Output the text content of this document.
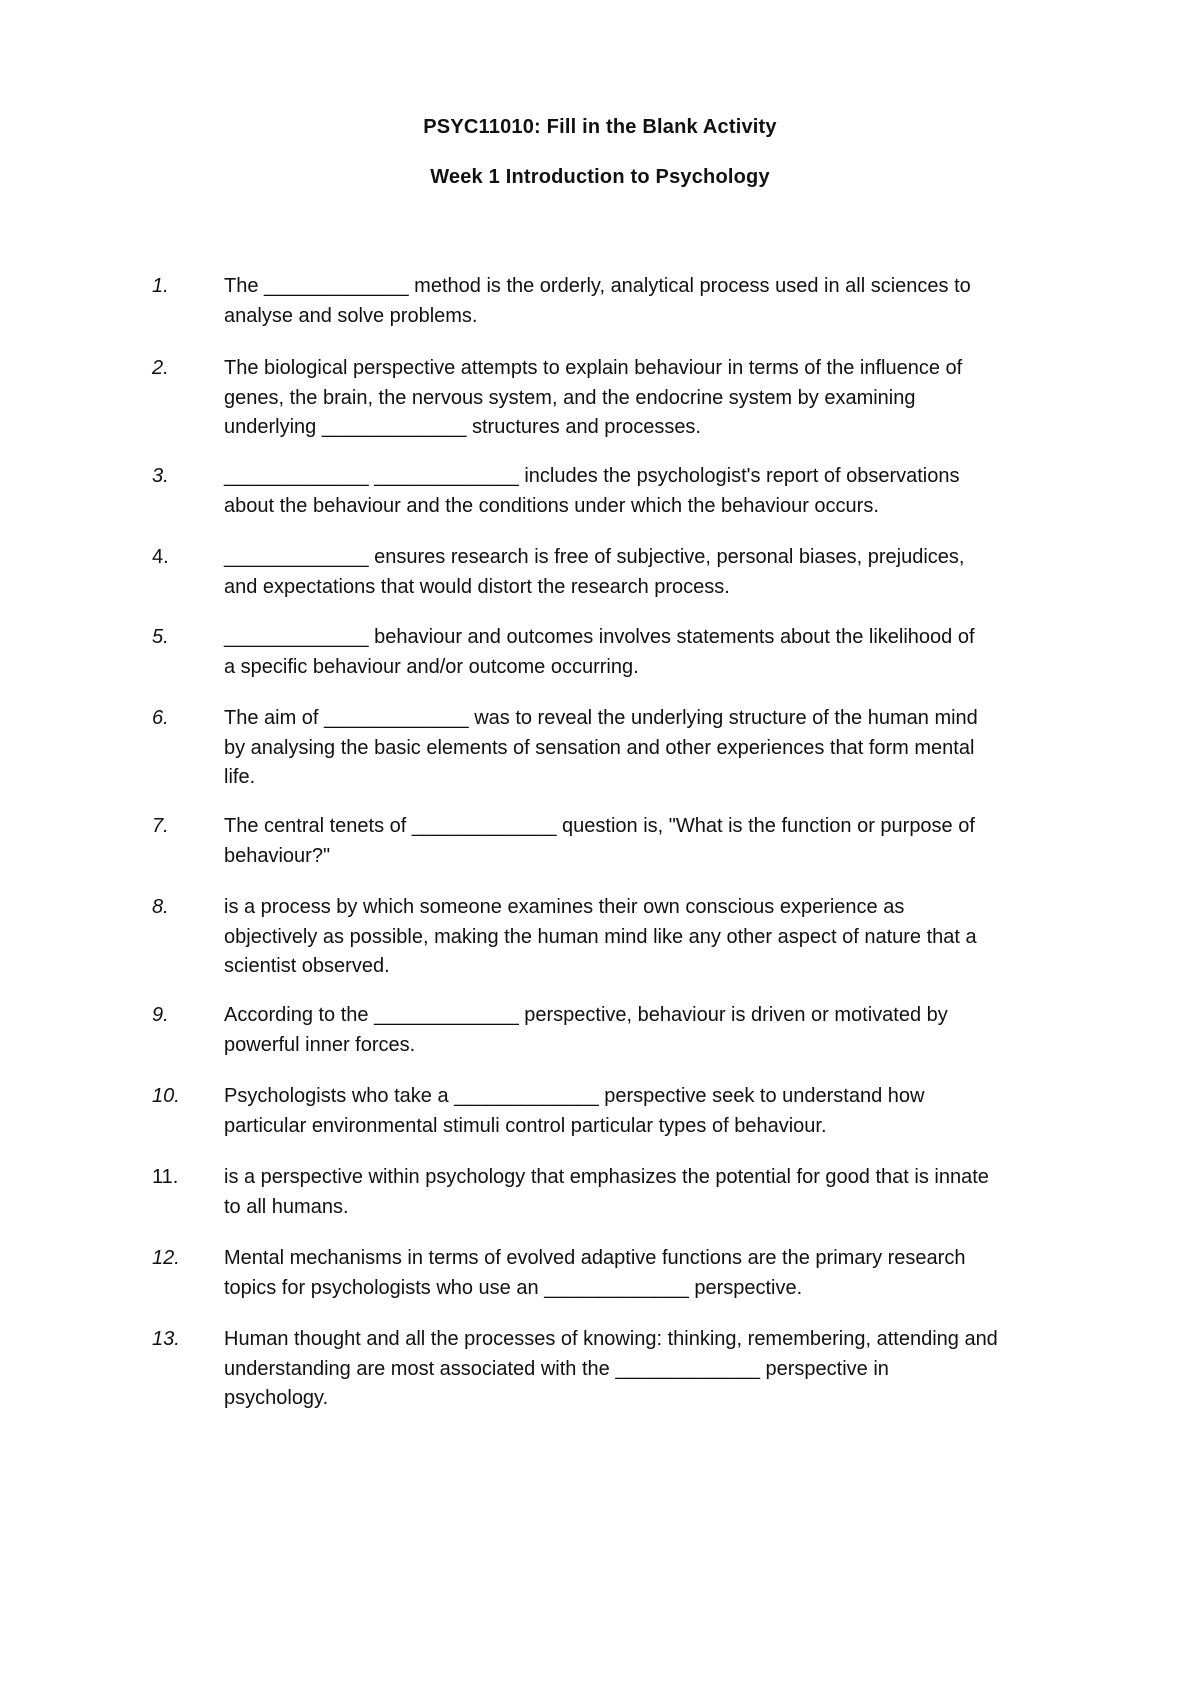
PSYC11010: Fill in the Blank Activity
Week 1 Introduction to Psychology
1.	The _____________ method is the orderly, analytical process used in all sciences to
analyse and solve problems.
2.	The biological perspective attempts to explain behaviour in terms of the influence of
genes, the brain, the nervous system, and the endocrine system by examining
underlying _____________ structures and processes.
3.	_____________ _____________ includes the psychologist's report of observations
about the behaviour and the conditions under which the behaviour occurs.
4.	_____________ ensures research is free of subjective, personal biases, prejudices,
and expectations that would distort the research process.
5.	_____________ behaviour and outcomes involves statements about the likelihood of
a specific behaviour and/or outcome occurring.
6.	The aim of _____________ was to reveal the underlying structure of the human mind
by analysing the basic elements of sensation and other experiences that form mental
life.
7.	The central tenets of _____________ question is, "What is the function or purpose of
behaviour?"
8.	is a process by which someone examines their own conscious experience as
objectively as possible, making the human mind like any other aspect of nature that a
scientist observed.
9.	According to the _____________ perspective, behaviour is driven or motivated by
powerful inner forces.
10.	Psychologists who take a _____________ perspective seek to understand how
particular environmental stimuli control particular types of behaviour.
11.	is a perspective within psychology that emphasizes the potential for good that is innate
to all humans.
12.	Mental mechanisms in terms of evolved adaptive functions are the primary research
topics for psychologists who use an _____________ perspective.
13.	Human thought and all the processes of knowing: thinking, remembering, attending and
understanding are most associated with the _____________ perspective in
psychology.
